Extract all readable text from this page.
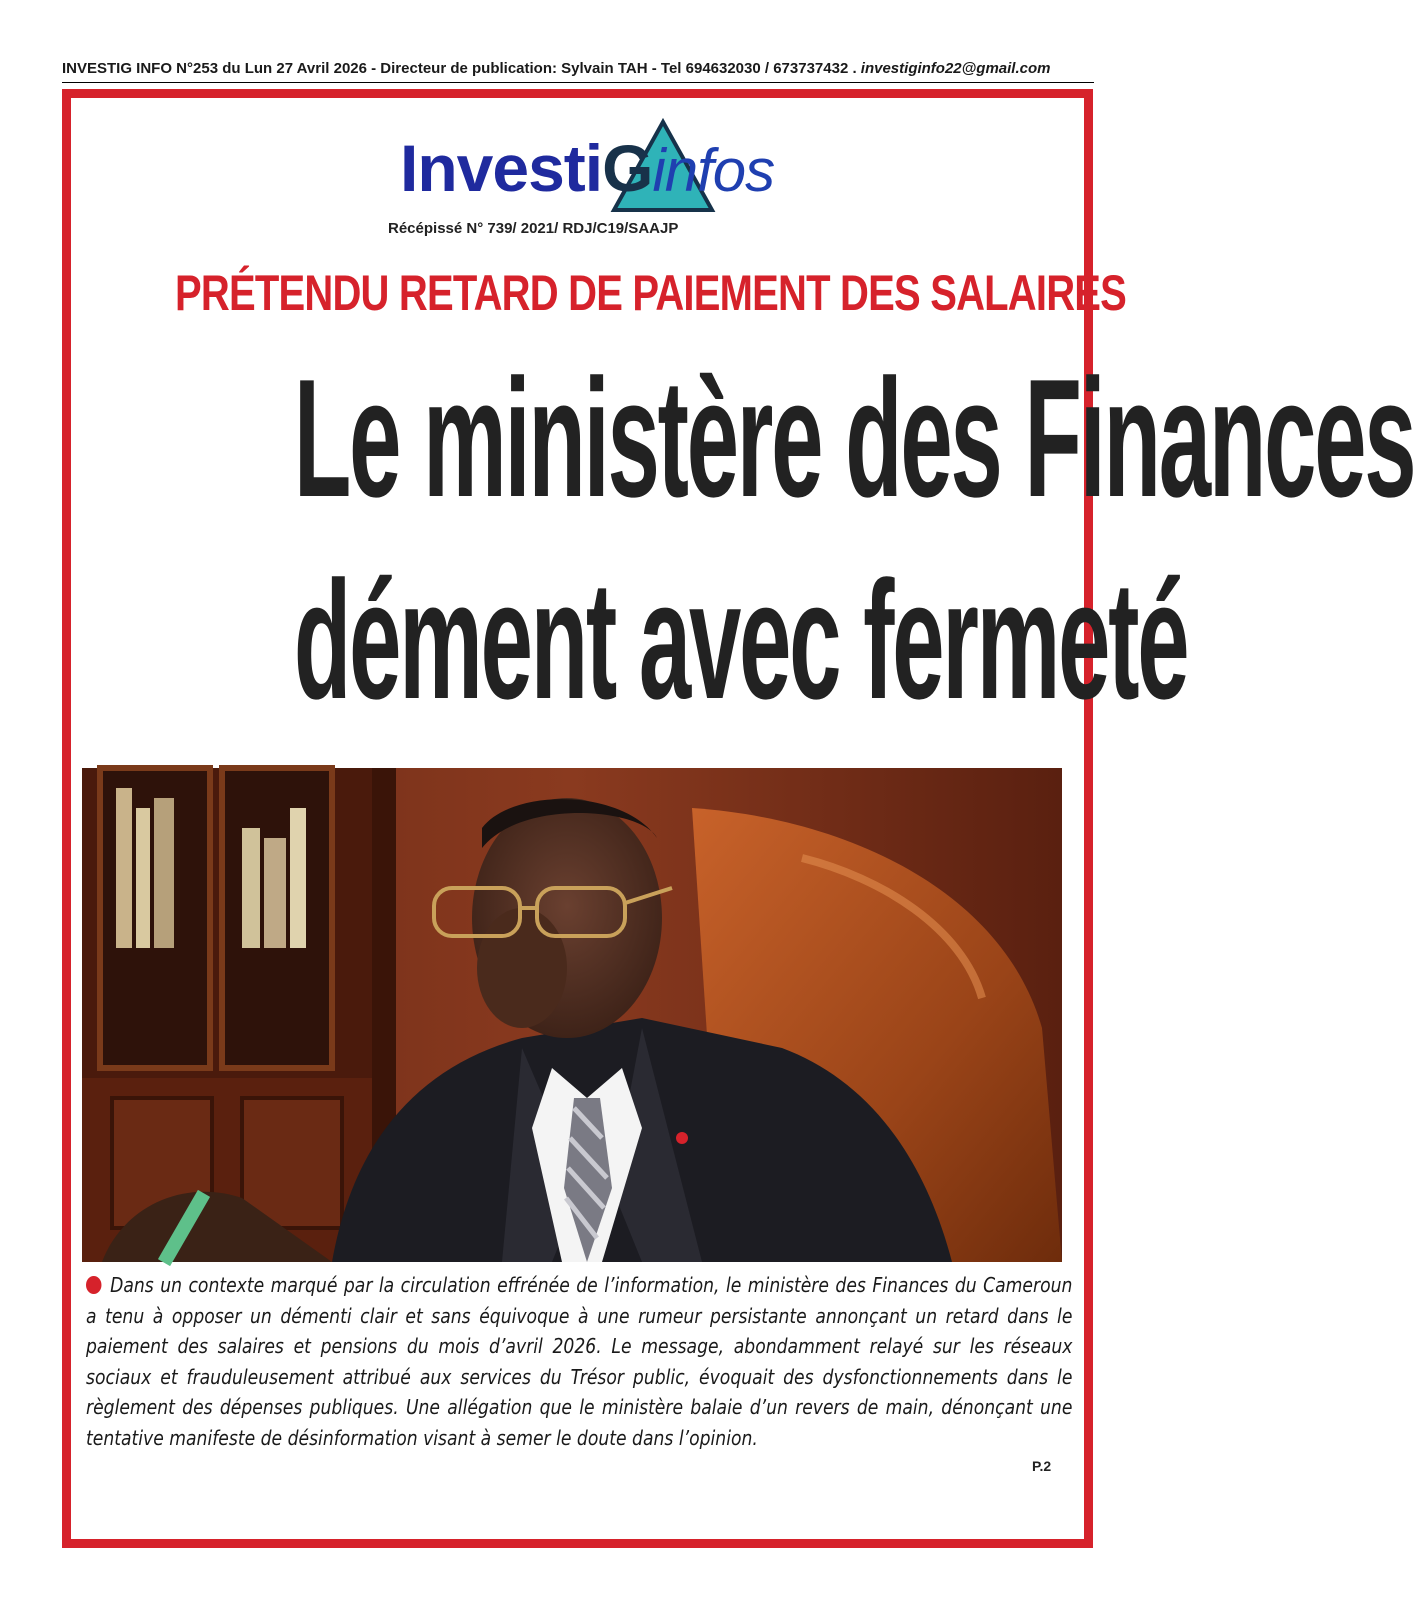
INVESTIG INFO N°253 du Lun 27 Avril 2026 - Directeur de publication: Sylvain TAH - Tel 694632030 / 673737432 . investiginfo22@gmail.com
InvestiGinfos
Récépissé N° 739/ 2021/ RDJ/C19/SAAJP
PRÉTENDU RETARD DE PAIEMENT DES SALAIRES
Le ministère des Finances
dément avec fermeté
Dans un contexte marqué par la circulation effrénée de l’information, le ministère des Finances du Cameroun a tenu à opposer un démenti clair et sans équivoque à une rumeur persistante annonçant un retard dans le paiement des salaires et pensions du mois d’avril 2026. Le message, abondamment relayé sur les réseaux sociaux et frauduleusement attribué aux services du Trésor public, évoquait des dysfonctionnements dans le règlement des dépenses publiques. Une allégation que le ministère balaie d’un revers de main, dénonçant une tentative manifeste de désinformation visant à semer le doute dans l’opinion.
P.2
